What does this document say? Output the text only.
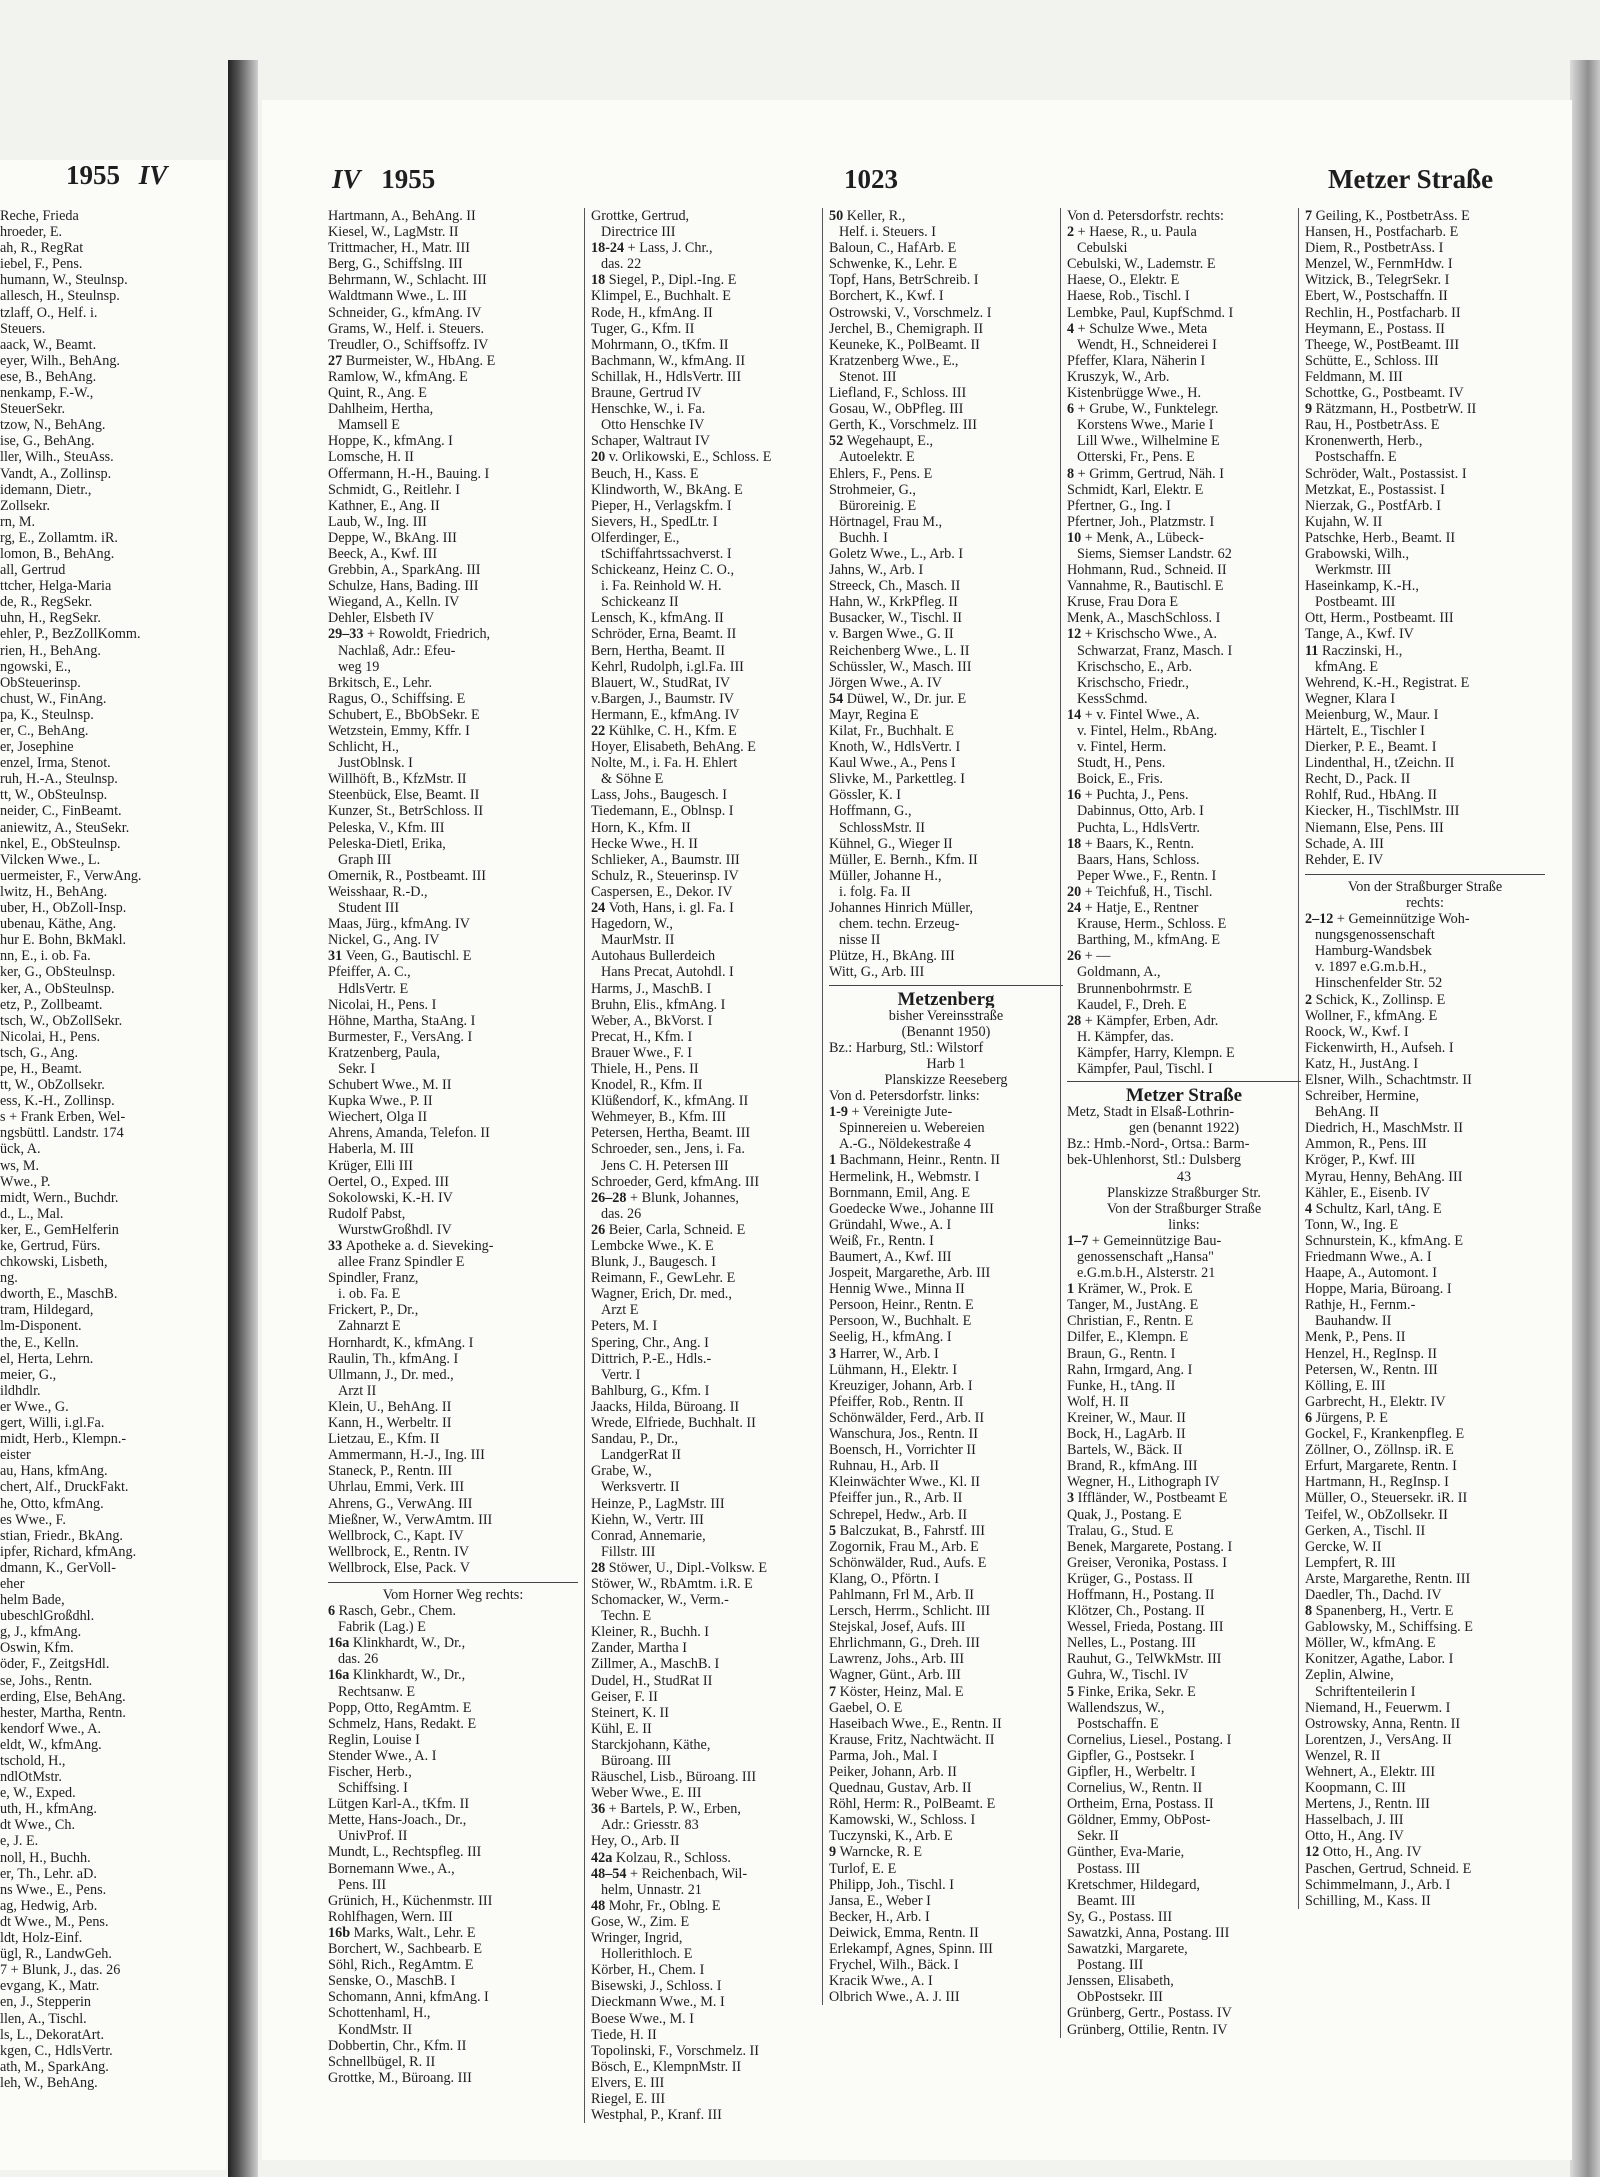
1955 IV
Reche, Frieda
hroeder, E.
ah, R., RegRat
iebel, F., Pens.
humann, W., Steulnsp.
allesch, H., Steulnsp.
tzlaff, O., Helf. i.
Steuers.
aack, W., Beamt.
eyer, Wilh., BehAng.
ese, B., BehAng.
nenkamp, F.-W.,
SteuerSekr.
tzow, N., BehAng.
ise, G., BehAng.
ller, Wilh., SteuAss.
Vandt, A., Zollinsp.
idemann, Dietr.,
Zollsekr.
rn, M.
rg, E., Zollamtm. iR.
lomon, B., BehAng.
all, Gertrud
ttcher, Helga-Maria
de, R., RegSekr.
uhn, H., RegSekr.
ehler, P., BezZollKomm.
rien, H., BehAng.
ngowski, E.,
ObSteuerinsp.
chust, W., FinAng.
pa, K., Steulnsp.
er, C., BehAng.
er, Josephine
enzel, Irma, Stenot.
ruh, H.-A., Steulnsp.
tt, W., ObSteulnsp.
neider, C., FinBeamt.
aniewitz, A., SteuSekr.
nkel, E., ObSteulnsp.
Vilcken Wwe., L.
uermeister, F., VerwAng.
lwitz, H., BehAng.
uber, H., ObZoll-Insp.
ubenau, Käthe, Ang.
hur E. Bohn, BkMakl.
nn, E., i. ob. Fa.
ker, G., ObSteulnsp.
ker, A., ObSteulnsp.
etz, P., Zollbeamt.
tsch, W., ObZollSekr.
Nicolai, H., Pens.
tsch, G., Ang.
pe, H., Beamt.
tt, W., ObZollsekr.
ess, K.-H., Zollinsp.
s + Frank Erben, Wel-
ngsbüttl. Landstr. 174
ück, A.
ws, M.
Wwe., P.
midt, Wern., Buchdr.
d., L., Mal.
ker, E., GemHelferin
ke, Gertrud, Fürs.
chkowski, Lisbeth,
ng.
dworth, E., MaschB.
tram, Hildegard,
lm-Disponent.
the, E., Kelln.
el, Herta, Lehrn.
meier, G.,
ildhdlr.
er Wwe., G.
gert, Willi, i.gl.Fa.
midt, Herb., Klempn.-
eister
au, Hans, kfmAng.
chert, Alf., DruckFakt.
he, Otto, kfmAng.
es Wwe., F.
stian, Friedr., BkAng.
ipfer, Richard, kfmAng.
dmann, K., GerVoll-
eher
helm Bade,
ubeschlGroßdhl.
g, J., kfmAng.
Oswin, Kfm.
öder, F., ZeitgsHdl.
se, Johs., Rentn.
erding, Else, BehAng.
hester, Martha, Rentn.
kendorf Wwe., A.
eldt, W., kfmAng.
tschold, H.,
ndlOtMstr.
e, W., Exped.
uth, H., kfmAng.
dt Wwe., Ch.
e, J. E.
noll, H., Buchh.
er, Th., Lehr. aD.
ns Wwe., E., Pens.
ag, Hedwig, Arb.
dt Wwe., M., Pens.
ldt, Holz-Einf.
ügl, R., LandwGeh.
7 + Blunk, J., das. 26
evgang, K., Matr.
en, J., Stepperin
llen, A., Tischl.
ls, L., DekoratArt.
kgen, C., HdlsVertr.
ath, M., SparkAng.
leh, W., BehAng.
IV 1955	1023	Metzer Straße
Hartmann, A., BehAng. II
Kiesel, W., LagMstr. II
Trittmacher, H., Matr. III
Berg, G., Schiffslng. III
Behrmann, W., Schlacht. III
Waldtmann Wwe., L. III
Schneider, G., kfmAng. IV
Grams, W., Helf. i. Steuers.
Treudler, O., Schiffsoffz. IV
27 Burmeister, W., HbAng. E
Ramlow, W., kfmAng. E
Quint, R., Ang. E
Dahlheim, Hertha,
Mamsell E
Hoppe, K., kfmAng. I
Lomsche, H. II
Offermann, H.-H., Bauing. I
Schmidt, G., Reitlehr. I
Kathner, E., Ang. II
Laub, W., Ing. III
Deppe, W., BkAng. III
Beeck, A., Kwf. III
Grebbin, A., SparkAng. III
Schulze, Hans, Bading. III
Wiegand, A., Kelln. IV
Dehler, Elsbeth IV
29–33 + Rowoldt, Friedrich,
Nachlaß, Adr.: Efeu-
weg 19
Brkitsch, E., Lehr.
Ragus, O., Schiffsing. E
Schubert, E., BbObSekr. E
Wetzstein, Emmy, Kffr. I
Schlicht, H.,
JustOblnsk. I
Willhöft, B., KfzMstr. II
Steenbück, Else, Beamt. II
Kunzer, St., BetrSchloss. II
Peleska, V., Kfm. III
Peleska-Dietl, Erika,
Graph III
Omernik, R., Postbeamt. III
Weisshaar, R.-D.,
Student III
Maas, Jürg., kfmAng. IV
Nickel, G., Ang. IV
31 Veen, G., Bautischl. E
Pfeiffer, A. C.,
HdlsVertr. E
Nicolai, H., Pens. I
Höhne, Martha, StaAng. I
Burmester, F., VersAng. I
Kratzenberg, Paula,
Sekr. I
Schubert Wwe., M. II
Kupka Wwe., P. II
Wiechert, Olga II
Ahrens, Amanda, Telefon. II
Haberla, M. III
Krüger, Elli III
Oertel, O., Exped. III
Sokolowski, K.-H. IV
Rudolf Pabst,
WurstwGroßhdl. IV
33 Apotheke a. d. Sieveking-
allee Franz Spindler E
Spindler, Franz,
i. ob. Fa. E
Frickert, P., Dr.,
Zahnarzt E
Hornhardt, K., kfmAng. I
Raulin, Th., kfmAng. I
Ullmann, J., Dr. med.,
Arzt II
Klein, U., BehAng. II
Kann, H., Werbeltr. II
Lietzau, E., Kfm. II
Ammermann, H.-J., Ing. III
Staneck, P., Rentn. III
Uhrlau, Emmi, Verk. III
Ahrens, G., VerwAng. III
Mießner, W., VerwAmtm. III
Wellbrock, C., Kapt. IV
Wellbrock, E., Rentn. IV
Wellbrock, Else, Pack. V
Vom Horner Weg rechts:
6 Rasch, Gebr., Chem.
Fabrik (Lag.) E
16a Klinkhardt, W., Dr.,
das. 26
16a Klinkhardt, W., Dr.,
Rechtsanw. E
Popp, Otto, RegAmtm. E
Schmelz, Hans, Redakt. E
Reglin, Louise I
Stender Wwe., A. I
Fischer, Herb.,
Schiffsing. I
Lütgen Karl-A., tKfm. II
Mette, Hans-Joach., Dr.,
UnivProf. II
Mundt, L., Rechtspfleg. III
Bornemann Wwe., A.,
Pens. III
Grünich, H., Küchenmstr. III
Rohlfhagen, Wern. III
16b Marks, Walt., Lehr. E
Borchert, W., Sachbearb. E
Söhl, Rich., RegAmtm. E
Senske, O., MaschB. I
Schomann, Anni, kfmAng. I
Schottenhaml, H.,
KondMstr. II
Dobbertin, Chr., Kfm. II
Schnellbügel, R. II
Grottke, M., Büroang. III
Grottke, Gertrud,
Directrice III
18-24 + Lass, J. Chr.,
das. 22
18 Siegel, P., Dipl.-Ing. E
Klimpel, E., Buchhalt. E
Rode, H., kfmAng. II
Tuger, G., Kfm. II
Mohrmann, O., tKfm. II
Bachmann, W., kfmAng. II
Schillak, H., HdlsVertr. III
Braune, Gertrud IV
Henschke, W., i. Fa.
Otto Henschke IV
Schaper, Waltraut IV
20 v. Orlikowski, E., Schloss. E
Beuch, H., Kass. E
Klindworth, W., BkAng. E
Pieper, H., Verlagskfm. I
Sievers, H., SpedLtr. I
Olferdinger, E.,
tSchiffahrtssachverst. I
Schickeanz, Heinz C. O.,
i. Fa. Reinhold W. H.
Schickeanz II
Lensch, K., kfmAng. II
Schröder, Erna, Beamt. II
Bern, Hertha, Beamt. II
Kehrl, Rudolph, i.gl.Fa. III
Blauert, W., StudRat, IV
v.Bargen, J., Baumstr. IV
Hermann, E., kfmAng. IV
22 Kühlke, C. H., Kfm. E
Hoyer, Elisabeth, BehAng. E
Nolte, M., i. Fa. H. Ehlert
& Söhne E
Lass, Johs., Baugesch. I
Tiedemann, E., Oblnsp. I
Horn, K., Kfm. II
Hecke Wwe., H. II
Schlieker, A., Baumstr. III
Schulz, R., Steuerinsp. IV
Caspersen, E., Dekor. IV
24 Voth, Hans, i. gl. Fa. I
Hagedorn, W.,
MaurMstr. II
Autohaus Bullerdeich
Hans Precat, Autohdl. I
Harms, J., MaschB. I
Bruhn, Elis., kfmAng. I
Weber, A., BkVorst. I
Precat, H., Kfm. I
Brauer Wwe., F. I
Thiele, H., Pens. II
Knodel, R., Kfm. II
Klüßendorf, K., kfmAng. II
Wehmeyer, B., Kfm. III
Petersen, Hertha, Beamt. III
Schroeder, sen., Jens, i. Fa.
Jens C. H. Petersen III
Schroeder, Gerd, kfmAng. III
26–28 + Blunk, Johannes,
das. 26
26 Beier, Carla, Schneid. E
Lembcke Wwe., K. E
Blunk, J., Baugesch. I
Reimann, F., GewLehr. E
Wagner, Erich, Dr. med.,
Arzt E
Peters, M. I
Spering, Chr., Ang. I
Dittrich, P.-E., Hdls.-
Vertr. I
Bahlburg, G., Kfm. I
Jaacks, Hilda, Büroang. II
Wrede, Elfriede, Buchhalt. II
Sandau, P., Dr.,
LandgerRat II
Grabe, W.,
Werksvertr. II
Heinze, P., LagMstr. III
Kiehn, W., Vertr. III
Conrad, Annemarie,
Fillstr. III
28 Stöwer, U., Dipl.-Volksw. E
Stöwer, W., RbAmtm. i.R. E
Schomacker, W., Verm.-
Techn. E
Kleiner, R., Buchh. I
Zander, Martha I
Zillmer, A., MaschB. I
Dudel, H., StudRat II
Geiser, F. II
Steinert, K. II
Kühl, E. II
Starckjohann, Käthe,
Büroang. III
Räuschel, Lisb., Büroang. III
Weber Wwe., E. III
36 + Bartels, P. W., Erben,
Adr.: Griesstr. 83
Hey, O., Arb. II
42a Kolzau, R., Schloss.
48–54 + Reichenbach, Wil-
helm, Unnastr. 21
48 Mohr, Fr., Oblng. E
Gose, W., Zim. E
Wringer, Ingrid,
Hollerithloch. E
Körber, H., Chem. I
Bisewski, J., Schloss. I
Dieckmann Wwe., M. I
Boese Wwe., M. I
Tiede, H. II
Topolinski, F., Vorschmelz. II
Bösch, E., KlempnMstr. II
Elvers, E. III
Riegel, E. III
Westphal, P., Kranf. III
50 Keller, R.,
Helf. i. Steuers. I
Baloun, C., HafArb. E
Schwenke, K., Lehr. E
Topf, Hans, BetrSchreib. I
Borchert, K., Kwf. I
Ostrowski, V., Vorschmelz. I
Jerchel, B., Chemigraph. II
Keuneke, K., PolBeamt. II
Kratzenberg Wwe., E.,
Stenot. III
Liefland, F., Schloss. III
Gosau, W., ObPfleg. III
Gerth, K., Vorschmelz. III
52 Wegehaupt, E.,
Autoelektr. E
Ehlers, F., Pens. E
Strohmeier, G.,
Büroreinig. E
Hörtnagel, Frau M.,
Buchh. I
Goletz Wwe., L., Arb. I
Jahns, W., Arb. I
Streeck, Ch., Masch. II
Hahn, W., KrkPfleg. II
Busacker, W., Tischl. II
v. Bargen Wwe., G. II
Reichenberg Wwe., L. II
Schüssler, W., Masch. III
Jörgen Wwe., A. IV
54 Düwel, W., Dr. jur. E
Mayr, Regina E
Kilat, Fr., Buchhalt. E
Knoth, W., HdlsVertr. I
Kaul Wwe., A., Pens I
Slivke, M., Parkettleg. I
Gössler, K. I
Hoffmann, G.,
SchlossMstr. II
Kühnel, G., Wieger II
Müller, E. Bernh., Kfm. II
Müller, Johanne H.,
i. folg. Fa. II
Johannes Hinrich Müller,
chem. techn. Erzeug-
nisse II
Plütze, H., BkAng. III
Witt, G., Arb. III
Metzenberg
bisher Vereinsstraße
(Benannt 1950)
Bz.: Harburg, Stl.: Wilstorf
Harb 1
Planskizze Reeseberg
Von d. Petersdorfstr. links:
1-9 + Vereinigte Jute-
Spinnereien u. Webereien
A.-G., Nöldekestraße 4
1 Bachmann, Heinr., Rentn. II
Hermelink, H., Webmstr. I
Bornmann, Emil, Ang. E
Goedecke Wwe., Johanne III
Gründahl, Wwe., A. I
Weiß, Fr., Rentn. I
Baumert, A., Kwf. III
Jospeit, Margarethe, Arb. III
Hennig Wwe., Minna II
Persoon, Heinr., Rentn. E
Persoon, W., Buchhalt. E
Seelig, H., kfmAng. I
3 Harrer, W., Arb. I
Lühmann, H., Elektr. I
Kreuziger, Johann, Arb. I
Pfeiffer, Rob., Rentn. II
Schönwälder, Ferd., Arb. II
Wanschura, Jos., Rentn. II
Boensch, H., Vorrichter II
Ruhnau, H., Arb. II
Kleinwächter Wwe., Kl. II
Pfeiffer jun., R., Arb. II
Schrepel, Hedw., Arb. II
5 Balczukat, B., Fahrstf. III
Zogornik, Frau M., Arb. E
Schönwälder, Rud., Aufs. E
Klang, O., Pförtn. I
Pahlmann, Frl M., Arb. II
Lersch, Herrm., Schlicht. III
Stejskal, Josef, Aufs. III
Ehrlichmann, G., Dreh. III
Lawrenz, Johs., Arb. III
Wagner, Günt., Arb. III
7 Köster, Heinz, Mal. E
Gaebel, O. E
Haseibach Wwe., E., Rentn. II
Krause, Fritz, Nachtwächt. II
Parma, Joh., Mal. I
Peiker, Johann, Arb. II
Quednau, Gustav, Arb. II
Röhl, Herm: R., PolBeamt. E
Kamowski, W., Schloss. I
Tuczynski, K., Arb. E
9 Warncke, R. E
Turlof, E. E
Philipp, Joh., Tischl. I
Jansa, E., Weber I
Becker, H., Arb. I
Deiwick, Emma, Rentn. II
Erlekampf, Agnes, Spinn. III
Frychel, Wilh., Bäck. I
Kracik Wwe., A. I
Olbrich Wwe., A. J. III
Von d. Petersdorfstr. rechts:
2 + Haese, R., u. Paula
Cebulski
Cebulski, W., Lademstr. E
Haese, O., Elektr. E
Haese, Rob., Tischl. I
Lembke, Paul, KupfSchmd. I
4 + Schulze Wwe., Meta
Wendt, H., Schneiderei I
Pfeffer, Klara, Näherin I
Kruszyk, W., Arb.
Kistenbrügge Wwe., H.
6 + Grube, W., Funktelegr.
Korstens Wwe., Marie I
Lill Wwe., Wilhelmine E
Otterski, Fr., Pens. E
8 + Grimm, Gertrud, Näh. I
Schmidt, Karl, Elektr. E
Pfertner, G., Ing. I
Pfertner, Joh., Platzmstr. I
10 + Menk, A., Lübeck-
Siems, Siemser Landstr. 62
Hohmann, Rud., Schneid. II
Vannahme, R., Bautischl. E
Kruse, Frau Dora E
Menk, A., MaschSchloss. I
12 + Krischscho Wwe., A.
Schwarzat, Franz, Masch. I
Krischscho, E., Arb.
Krischscho, Friedr.,
KessSchmd.
14 + v. Fintel Wwe., A.
v. Fintel, Helm., RbAng.
v. Fintel, Herm.
Studt, H., Pens.
Boick, E., Fris.
16 + Puchta, J., Pens.
Dabinnus, Otto, Arb. I
Puchta, L., HdlsVertr.
18 + Baars, K., Rentn.
Baars, Hans, Schloss.
Peper Wwe., F., Rentn. I
20 + Teichfuß, H., Tischl.
24 + Hatje, E., Rentner
Krause, Herm., Schloss. E
Barthing, M., kfmAng. E
26 + —
Goldmann, A.,
Brunnenbohrmstr. E
Kaudel, F., Dreh. E
28 + Kämpfer, Erben, Adr.
H. Kämpfer, das.
Kämpfer, Harry, Klempn. E
Kämpfer, Paul, Tischl. I
Metzer Straße
Metz, Stadt in Elsaß-Lothrin-
gen (benannt 1922)
Bz.: Hmb.-Nord-, Ortsa.: Barm-
bek-Uhlenhorst, Stl.: Dulsberg
43
Planskizze Straßburger Str.
Von der Straßburger Straße
links:
1–7 + Gemeinnützige Bau-
genossenschaft „Hansa"
e.G.m.b.H., Alsterstr. 21
1 Krämer, W., Prok. E
Tanger, M., JustAng. E
Christian, F., Rentn. E
Dilfer, E., Klempn. E
Braun, G., Rentn. I
Rahn, Irmgard, Ang. I
Funke, H., tAng. II
Wolf, H. II
Kreiner, W., Maur. II
Bock, H., LagArb. II
Bartels, W., Bäck. II
Brand, R., kfmAng. III
Wegner, H., Lithograph IV
3 Iffländer, W., Postbeamt E
Quak, J., Postang. E
Tralau, G., Stud. E
Benek, Margarete, Postang. I
Greiser, Veronika, Postass. I
Krüger, G., Postass. II
Hoffmann, H., Postang. II
Klötzer, Ch., Postang. II
Wessel, Frieda, Postang. III
Nelles, L., Postang. III
Rauhut, G., TelWkMstr. III
Guhra, W., Tischl. IV
5 Finke, Erika, Sekr. E
Wallendszus, W.,
Postschaffn. E
Cornelius, Liesel., Postang. I
Gipfler, G., Postsekr. I
Gipfler, H., Werbeltr. I
Cornelius, W., Rentn. II
Ortheim, Erna, Postass. II
Göldner, Emmy, ObPost-
Sekr. II
Günther, Eva-Marie,
Postass. III
Kretschmer, Hildegard,
Beamt. III
Sy, G., Postass. III
Sawatzki, Anna, Postang. III
Sawatzki, Margarete,
Postang. III
Jenssen, Elisabeth,
ObPostsekr. III
Grünberg, Gertr., Postass. IV
Grünberg, Ottilie, Rentn. IV
7 Geiling, K., PostbetrAss. E
Hansen, H., Postfacharb. E
Diem, R., PostbetrAss. I
Menzel, W., FernmHdw. I
Witzick, B., TelegrSekr. I
Ebert, W., Postschaffn. II
Rechlin, H., Postfacharb. II
Heymann, E., Postass. II
Theege, W., PostBeamt. III
Schütte, E., Schloss. III
Feldmann, M. III
Schottke, G., Postbeamt. IV
9 Rätzmann, H., PostbetrW. II
Rau, H., PostbetrAss. E
Kronenwerth, Herb.,
Postschaffn. E
Schröder, Walt., Postassist. I
Metzkat, E., Postassist. I
Nierzak, G., PostfArb. I
Kujahn, W. II
Patschke, Herb., Beamt. II
Grabowski, Wilh.,
Werkmstr. III
Haseinkamp, K.-H.,
Postbeamt. III
Ott, Herm., Postbeamt. III
Tange, A., Kwf. IV
11 Raczinski, H.,
kfmAng. E
Wehrend, K.-H., Registrat. E
Wegner, Klara I
Meienburg, W., Maur. I
Härtelt, E., Tischler I
Dierker, P. E., Beamt. I
Lindenthal, H., tZeichn. II
Recht, D., Pack. II
Rohlf, Rud., HbAng. II
Kiecker, H., TischlMstr. III
Niemann, Else, Pens. III
Schade, A. III
Rehder, E. IV
Von der Straßburger Straße
rechts:
2–12 + Gemeinnützige Woh-
nungsgenossenschaft
Hamburg-Wandsbek
v. 1897 e.G.m.b.H.,
Hinschenfelder Str. 52
2 Schick, K., Zollinsp. E
Wollner, F., kfmAng. E
Roock, W., Kwf. I
Fickenwirth, H., Aufseh. I
Katz, H., JustAng. I
Elsner, Wilh., Schachtmstr. II
Schreiber, Hermine,
BehAng. II
Diedrich, H., MaschMstr. II
Ammon, R., Pens. III
Kröger, P., Kwf. III
Myrau, Henny, BehAng. III
Kähler, E., Eisenb. IV
4 Schultz, Karl, tAng. E
Tonn, W., Ing. E
Schnurstein, K., kfmAng. E
Friedmann Wwe., A. I
Haape, A., Automont. I
Hoppe, Maria, Büroang. I
Rathje, H., Fernm.-
Bauhandw. II
Menk, P., Pens. II
Henzel, H., RegInsp. II
Petersen, W., Rentn. III
Kölling, E. III
Garbrecht, H., Elektr. IV
6 Jürgens, P. E
Gockel, F., Krankenpfleg. E
Zöllner, O., Zöllnsp. iR. E
Erfurt, Margarete, Rentn. I
Hartmann, H., RegInsp. I
Müller, O., Steuersekr. iR. II
Teifel, W., ObZollsekr. II
Gerken, A., Tischl. II
Gercke, W. II
Lempfert, R. III
Arste, Margarethe, Rentn. III
Daedler, Th., Dachd. IV
8 Spanenberg, H., Vertr. E
Gablowsky, M., Schiffsing. E
Möller, W., kfmAng. E
Konitzer, Agathe, Labor. I
Zeplin, Alwine,
Schriftenteilerin I
Niemand, H., Feuerwm. I
Ostrowsky, Anna, Rentn. II
Lorentzen, J., VersAng. II
Wenzel, R. II
Wehnert, A., Elektr. III
Koopmann, C. III
Mertens, J., Rentn. III
Hasselbach, J. III
Otto, H., Ang. IV
12 Otto, H., Ang. IV
Paschen, Gertrud, Schneid. E
Schimmelmann, J., Arb. I
Schilling, M., Kass. II
